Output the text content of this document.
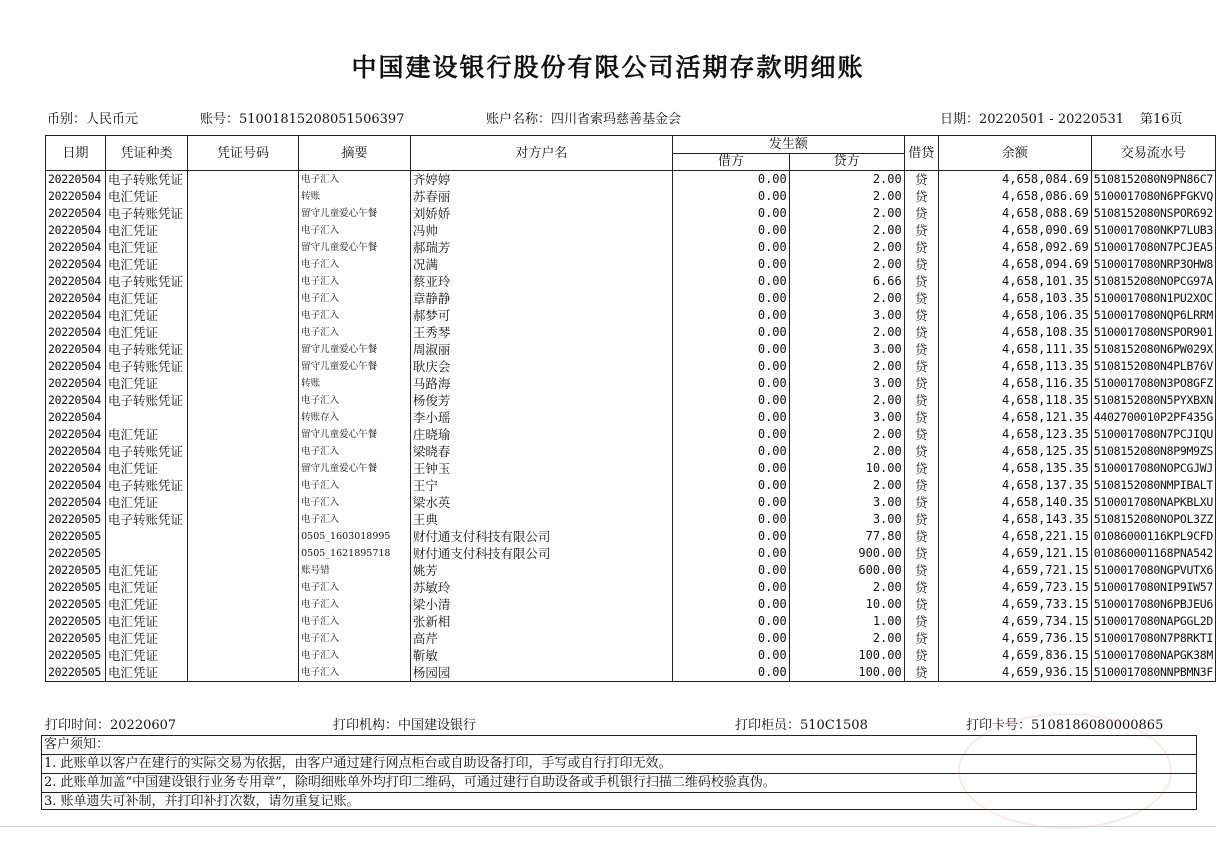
中国建设银行股份有限公司活期存款明细账
币别：人民币元	账号：51001815208051506397	账户名称：四川省索玛慈善基金会	日期：20220501 - 20220531 第16页
日期	凭证种类	凭证号码	摘要	对方户名	发生额		借贷	余额	交易流水号
					借方	贷方			
20220504	电子转账凭证		电子汇入	齐婷婷	0.00	2.00	贷	4,658,084.69	5108152080N9PN86C7
20220504	电汇凭证		转账	苏春丽	0.00	2.00	贷	4,658,086.69	5100017080N6PFGKVQ
20220504	电子转账凭证		留守儿童爱心午餐	刘娇娇	0.00	2.00	贷	4,658,088.69	5108152080NSPOR692
20220504	电汇凭证		电子汇入	冯帅	0.00	2.00	贷	4,658,090.69	5100017080NKP7LUB3
20220504	电汇凭证		留守儿童爱心午餐	郝瑞芳	0.00	2.00	贷	4,658,092.69	5100017080N7PCJEA5
20220504	电汇凭证		电子汇入	况满	0.00	2.00	贷	4,658,094.69	5100017080NRP3OHW8
20220504	电子转账凭证		电子汇入	蔡亚玲	0.00	6.66	贷	4,658,101.35	5108152080NOPCG97A
20220504	电汇凭证		电子汇入	章静静	0.00	2.00	贷	4,658,103.35	5100017080N1PU2XOC
20220504	电汇凭证		电子汇入	郝梦可	0.00	3.00	贷	4,658,106.35	5100017080NQP6LRRM
20220504	电汇凭证		电子汇入	王秀琴	0.00	2.00	贷	4,658,108.35	5100017080NSPOR901
20220504	电子转账凭证		留守儿童爱心午餐	周淑丽	0.00	3.00	贷	4,658,111.35	5108152080N6PW029X
20220504	电子转账凭证		留守儿童爱心午餐	耿庆会	0.00	2.00	贷	4,658,113.35	5108152080N4PLB76V
20220504	电汇凭证		转账	马路海	0.00	3.00	贷	4,658,116.35	5100017080N3PO8GFZ
20220504	电子转账凭证		电子汇入	杨俊芳	0.00	2.00	贷	4,658,118.35	5108152080N5PYXBXN
20220504			转账存入	李小瑶	0.00	3.00	贷	4,658,121.35	4402700010P2PF435G
20220504	电汇凭证		留守儿童爱心午餐	庄晓瑜	0.00	2.00	贷	4,658,123.35	5100017080N7PCJIQU
20220504	电子转账凭证		电子汇入	梁晓春	0.00	2.00	贷	4,658,125.35	5108152080N8P9M9ZS
20220504	电汇凭证		留守儿童爱心午餐	王钟玉	0.00	10.00	贷	4,658,135.35	5100017080NOPCGJWJ
20220504	电子转账凭证		电子汇入	王宁	0.00	2.00	贷	4,658,137.35	5108152080NMPIBALT
20220504	电汇凭证		电子汇入	梁水英	0.00	3.00	贷	4,658,140.35	5100017080NAPKBLXU
20220505	电子转账凭证		电子汇入	王典	0.00	3.00	贷	4,658,143.35	5108152080NOPOL3ZZ
20220505			0505_1603018995	财付通支付科技有限公司	0.00	77.80	贷	4,658,221.15	01086000116KPL9CFD
20220505			0505_1621895718	财付通支付科技有限公司	0.00	900.00	贷	4,659,121.15	010860001168PNA542
20220505	电汇凭证		账号错	姚芳	0.00	600.00	贷	4,659,721.15	5100017080NGPVUTX6
20220505	电汇凭证		电子汇入	苏敏玲	0.00	2.00	贷	4,659,723.15	5100017080NIP9IW57
20220505	电汇凭证		电子汇入	梁小清	0.00	10.00	贷	4,659,733.15	5100017080N6PBJEU6
20220505	电汇凭证		电子汇入	张新相	0.00	1.00	贷	4,659,734.15	5100017080NAPGGL2D
20220505	电汇凭证		电子汇入	高芹	0.00	2.00	贷	4,659,736.15	5100017080N7P8RKTI
20220505	电汇凭证		电子汇入	靳敏	0.00	100.00	贷	4,659,836.15	5100017080NAPGK38M
20220505	电汇凭证		电子汇入	杨园园	0.00	100.00	贷	4,659,936.15	5100017080NNPBMN3F
打印时间：20220607	打印机构：中国建设银行	打印柜员：510C1508	打印卡号：5108186080000865
客户须知：
1. 此账单以客户在建行的实际交易为依据，由客户通过建行网点柜台或自助设备打印，手写或自行打印无效。
2. 此账单加盖“中国建设银行业务专用章”，除明细账单外均打印二维码，可通过建行自助设备或手机银行扫描二维码校验真伪。
3. 账单遗失可补制，并打印补打次数，请勿重复记账。
